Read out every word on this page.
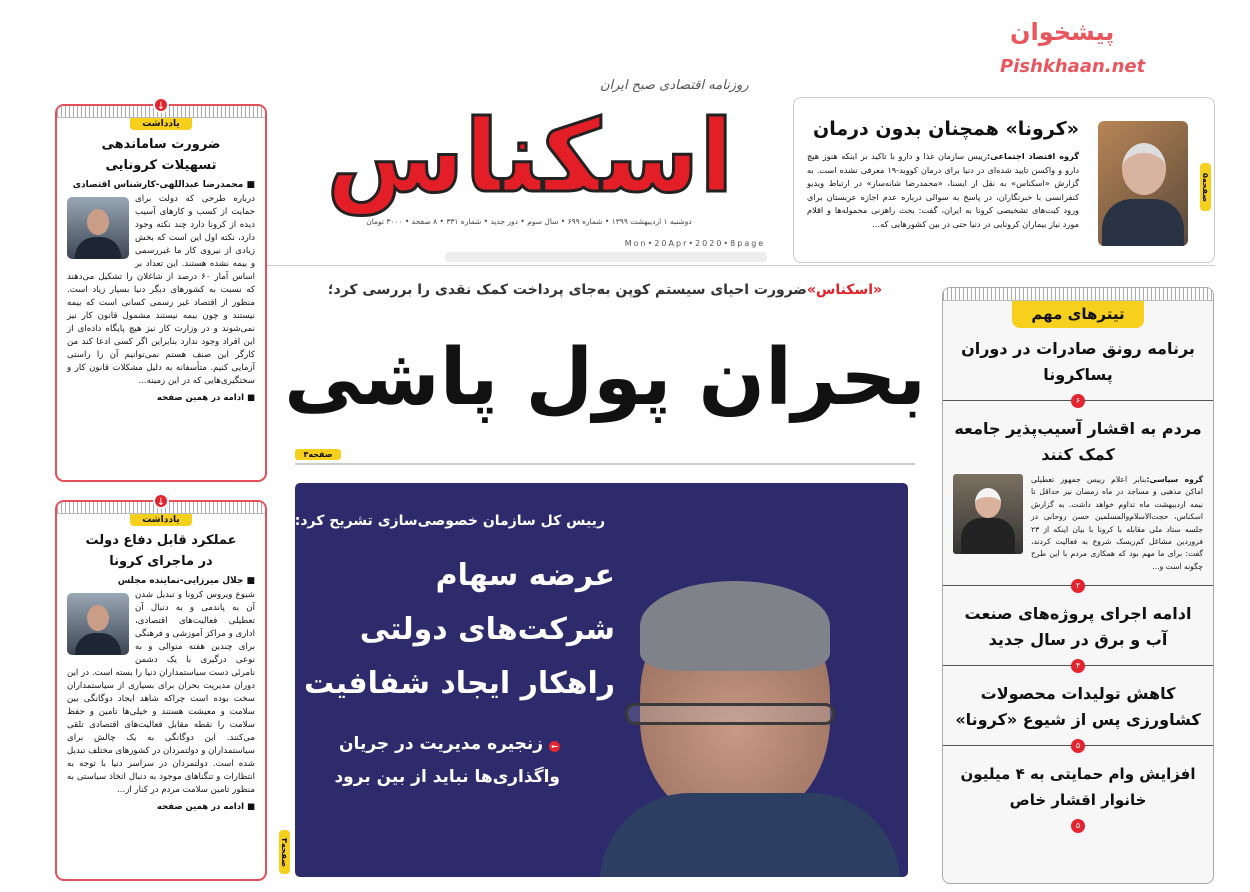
↓
یادداشت
ضرورت ساماندهی
تسهیلات کرونایی
■ محمدرضا عبداللهی-کارشناس اقتصادی
درباره طرحی که دولت برای حمایت از کسب و کارهای آسیب دیده از کرونا دارد چند نکته وجود دارد، نکته اول این است که بخش زیادی از نیروی کار ما غیررسمی و بیمه نشده هستند. این تعداد بر اساس آمار ۶۰ درصد از شاغلان را تشکیل می‌دهند که نسبت به کشورهای دیگر دنیا بسیار زیاد است. منظور از اقتصاد غیر رسمی کسانی است که بیمه نیستند و چون بیمه نیستند مشمول قانون کار نیز نمی‌شوند و در وزارت کار نیز هیچ پایگاه داده‌ای از این افراد وجود ندارد بنابراین اگر کسی ادعا کند من کارگر این صنف هستم نمی‌توانیم آن را راستی آزمایی کنیم. متأسفانه به دلیل مشکلات قانون کار و سختگیری‌هایی که در این زمینه...
■ ادامه در همین صفحه
↓
یادداشت
عملکرد قابل دفاع دولت
در ماجرای کرونا
■ جلال میرزایی-نماینده مجلس
شیوع ویروس کرونا و تبدیل شدن آن به پاندمی و به دنبال آن تعطیلی فعالیت‌های اقتصادی، اداری و مراکز آموزشی و فرهنگی برای چندین هفته متوالی و به نوعی درگیری با یک دشمن نامرئی دست سیاستمداران دنیا را بسته است. در این دوران مدیریت بحران برای بسیاری از سیاستمداران سخت بوده است چراکه شاهد ایجاد دوگانگی بین سلامت و معیشت هستند و خیلی‌ها تامین و حفظ سلامت را نقطه مقابل فعالیت‌های اقتصادی تلقی می‌کنند. این دوگانگی به یک چالش برای سیاستمداران و دولتمردان در کشورهای مختلف تبدیل شده است. دولتمردان در سراسر دنیا با توجه به انتظارات و تنگناهای موجود به دنبال اتخاذ سیاستی به منظور تامین سلامت مردم در کنار از...
■ ادامه در همین صفحه
روزنامه اقتصادی صبح ایران
اسکناس
دوشنبه ۱ اردیبهشت ۱۳۹۹ • شماره ۶۹۹ • سال سوم • دور جدید • شماره ۳۳۱ • ۸ صفحه • ۳۰۰۰ تومان
Mon•20Apr•2020•8page
«کرونا» همچنان بدون درمان
گروه اقتصاد اجتماعی:رییس سازمان غذا و دارو با تاکید بر اینکه هنوز هیچ دارو و واکسن تایید شده‌ای در دنیا برای درمان کووید-۱۹ معرفی نشده است. به گزارش «اسکناس» به نقل از ایسنا، «محمدرضا شانه‌ساز» در ارتباط ویدیو کنفرانسی با خبرنگاران، در پاسخ به سوالی درباره عدم اجازه عربستان برای ورود کیت‌های تشخیصی کرونا به ایران، گفت: بحث راهزنی محموله‌ها و اقلام مورد نیاز بیماران کرونایی در دنیا حتی در بین کشورهایی که...
صفحه۵
«اسکناس»ضرورت احیای سیستم کوپن به‌جای پرداخت کمک نقدی را بررسی کرد؛
بحران پول پاشی
صفحه۳
رییس کل سازمان خصوصی‌سازی تشریح کرد:
عرضه سهام
شرکت‌های دولتی
راهکار ایجاد شفافیت
← زنجیره مدیریت در جریان
واگذاری‌ها نباید از بین برود
صفحه۳
تیترهای مهم
برنامه رونق صادرات در دوران پساکرونا
۶
مردم به اقشار آسیب‌پذیر جامعه کمک کنند
گروه سیاسی:بنابر اعلام رییس جمهور تعطیلی اماکن مذهبی و مساجد در ماه رمضان نیز حداقل تا نیمه اردیبهشت ماه تداوم خواهد داشت. به گزارش اسکناس، حجت‌الاسلام‌والمسلمین حسن روحانی در جلسه ستاد ملی مقابله با کرونا با بیان اینکه از ۲۳ فروردین مشاغل کم‌ریسک شروع به فعالیت کردند، گفت: برای ما مهم بود که همکاری مردم با این طرح چگونه است و...
۲
ادامه اجرای پروژه‌های صنعت آب و برق در سال جدید
۴
کاهش تولیدات محصولات کشاورزی پس از شیوع «کرونا»
۵
افزایش وام حمایتی به ۴ میلیون خانوار اقشار خاص
۵
پیشخوان
Pishkhaan.net
